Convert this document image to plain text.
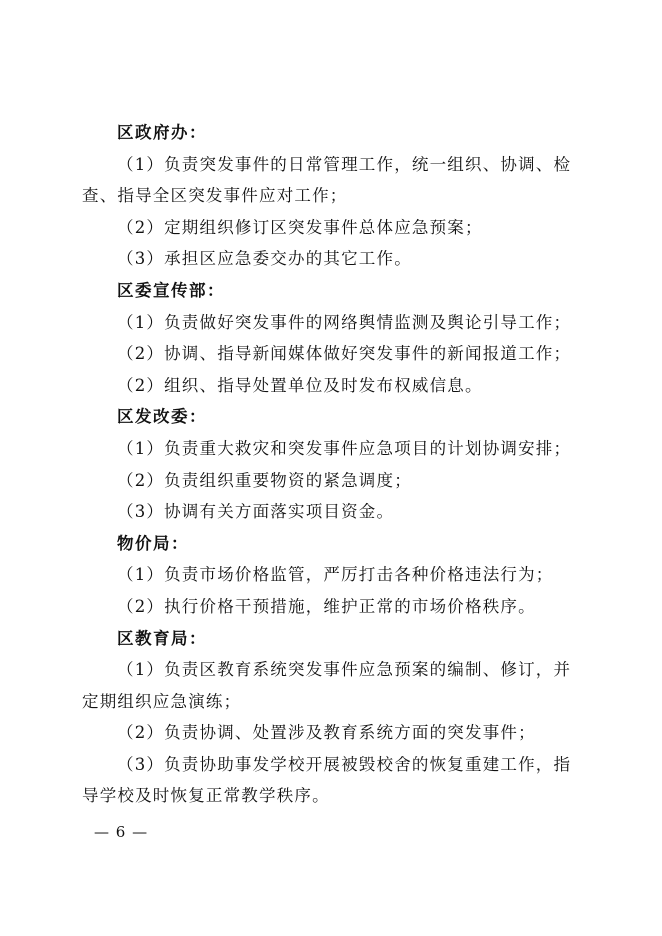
区政府办：
（1）负责突发事件的日常管理工作，统一组织、协调、检
查、指导全区突发事件应对工作；
（2）定期组织修订区突发事件总体应急预案；
（3）承担区应急委交办的其它工作。
区委宣传部：
（1）负责做好突发事件的网络舆情监测及舆论引导工作；
（2）协调、指导新闻媒体做好突发事件的新闻报道工作；
（2）组织、指导处置单位及时发布权威信息。
区发改委：
（1）负责重大救灾和突发事件应急项目的计划协调安排；
（2）负责组织重要物资的紧急调度；
（3）协调有关方面落实项目资金。
物价局：
（1）负责市场价格监管，严厉打击各种价格违法行为；
（2）执行价格干预措施，维护正常的市场价格秩序。
区教育局：
（1）负责区教育系统突发事件应急预案的编制、修订，并
定期组织应急演练；
（2）负责协调、处置涉及教育系统方面的突发事件；
（3）负责协助事发学校开展被毁校舍的恢复重建工作，指
导学校及时恢复正常教学秩序。
— 6 —
